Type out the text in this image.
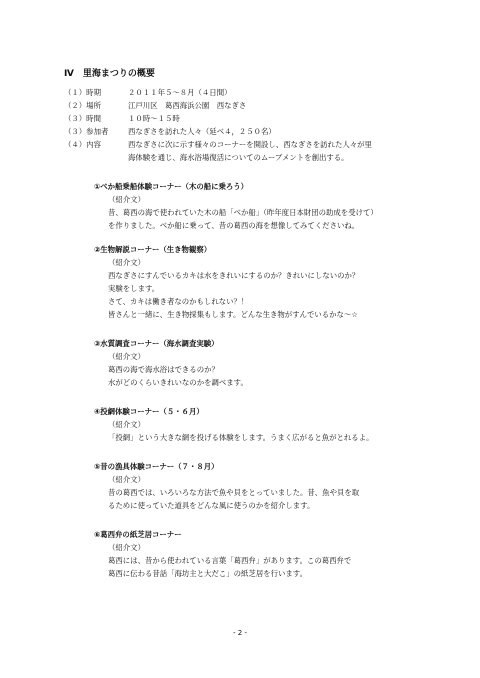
Ⅳ　里海まつりの概要
（１）時期	２０１１年５～８月（４日間）
（２）場所	江戸川区　葛西海浜公園　西なぎさ
（３）時間	１０時～１５時
（３）参加者	西なぎさを訪れた人々（延べ４，２５０名）
（４）内容	西なぎさに次に示す様々のコーナーを開設し、西なぎさを訪れた人々が里
海体験を通じ、海水浴場復活についてのムーブメントを創出する。
①べか船乗船体験コーナー（木の船に乗ろう）
（紹介文）
昔、葛西の海で使われていた木の船「べか船」（昨年度日本財団の助成を受けて）
を作りました。べか船に乗って、昔の葛西の海を想像してみてくださいね。
②生物解説コーナー（生き物観察）
（紹介文）
西なぎさにすんでいるカキは水をきれいにするのか？きれいにしないのか？
実験をします。
さて、カキは働き者なのかもしれない？！
皆さんと一緒に、生き物採集もします。どんな生き物がすんでいるかな～☆
③水質調査コーナー（海水調査実験）
（紹介文）
葛西の海で海水浴はできるのか？
水がどのくらいきれいなのかを調べます。
④投網体験コーナー（５・６月）
（紹介文）
「投網」という大きな網を投げる体験をします。うまく広がると魚がとれるよ。
⑤昔の漁具体験コーナー（７・８月）
（紹介文）
昔の葛西では、いろいろな方法で魚や貝をとっていました。昔、魚や貝を取
るために使っていた道具をどんな風に使うのかを紹介します。
⑥葛西弁の紙芝居コーナー
（紹介文）
葛西には、昔から使われている言葉「葛西弁」があります。この葛西弁で
葛西に伝わる昔話「海坊主と大だこ」の紙芝居を行います。
- 2 -
